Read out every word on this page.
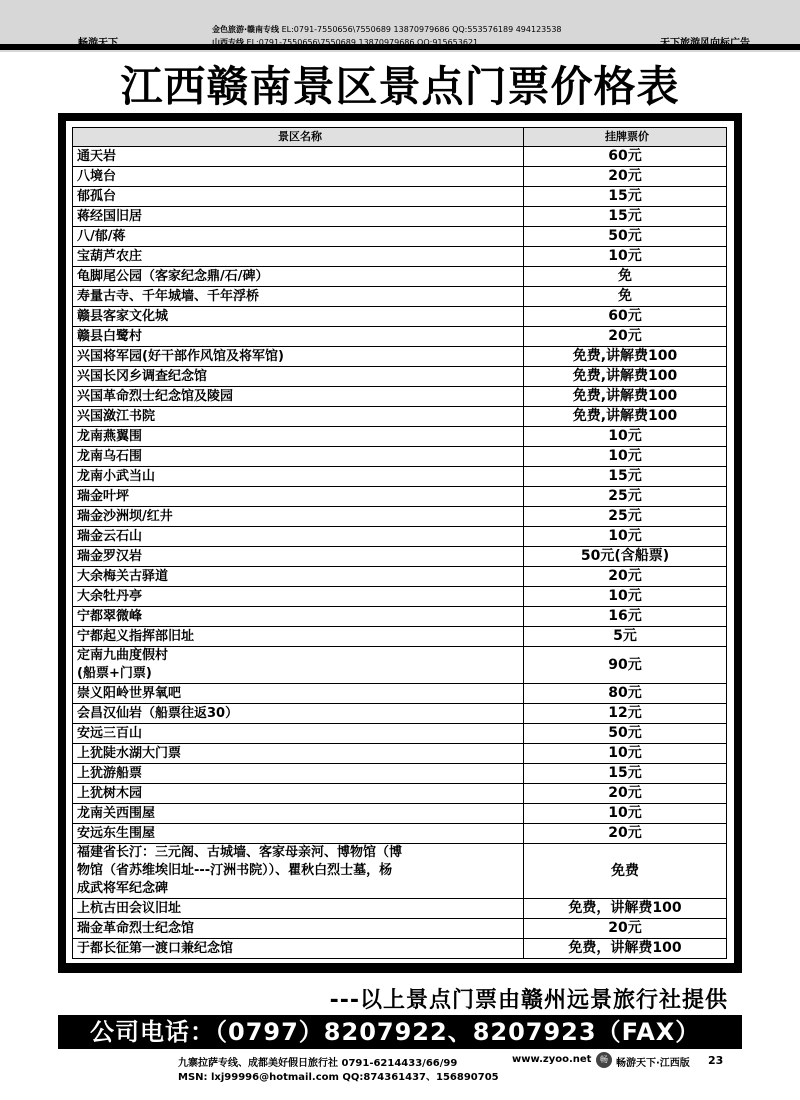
畅游天下	天下旅游风向标广告
金色旅游·赣南专线 EL:0791-7550656\7550689 13870979686 QQ:553576189 494123538
山西专线 EL:0791-7550656\7550689 13870979686 QQ:915653621
江西赣南景区景点门票价格表
景区名称	挂牌票价

通天岩	60元

八境台	20元

郁孤台	15元

蒋经国旧居	15元

八/郁/蒋	50元

宝葫芦农庄	10元

龟脚尾公园（客家纪念鼎/石/碑）	免

寿量古寺、千年城墙、千年浮桥	免

赣县客家文化城	60元

赣县白鹭村	20元

兴国将军园(好干部作风馆及将军馆)	免费,讲解费100

兴国长冈乡调查纪念馆	免费,讲解费100

兴国革命烈士纪念馆及陵园	免费,讲解费100

兴国潋江书院	免费,讲解费100

龙南燕翼围	10元

龙南乌石围	10元

龙南小武当山	15元

瑞金叶坪	25元

瑞金沙洲坝/红井	25元

瑞金云石山	10元

瑞金罗汉岩	50元(含船票)

大余梅关古驿道	20元

大余牡丹亭	10元

宁都翠微峰	16元

宁都起义指挥部旧址	5元

定南九曲度假村
(船票+门票)	90元

崇义阳岭世界氧吧	80元

会昌汉仙岩（船票往返30）	12元

安远三百山	50元

上犹陡水湖大门票	10元

上犹游船票	15元

上犹树木园	20元

龙南关西围屋	10元

安远东生围屋	20元

福建省长汀：三元阁、古城墙、客家母亲河、博物馆（博
物馆（省苏维埃旧址---汀洲书院））、瞿秋白烈士墓，杨
成武将军纪念碑	免费

上杭古田会议旧址	免费，讲解费100

瑞金革命烈士纪念馆	20元

于都长征第一渡口兼纪念馆	免费，讲解费100
---以上景点门票由赣州远景旅行社提供
公司电话：（0797）8207922、8207923（FAX）
九寨拉萨专线、成都美好假日旅行社 0791-6214433/66/99
MSN: lxj99996@hotmail.com QQ:874361437、156890705
www.zyoo.net	畅 畅游天下·江西版 23
